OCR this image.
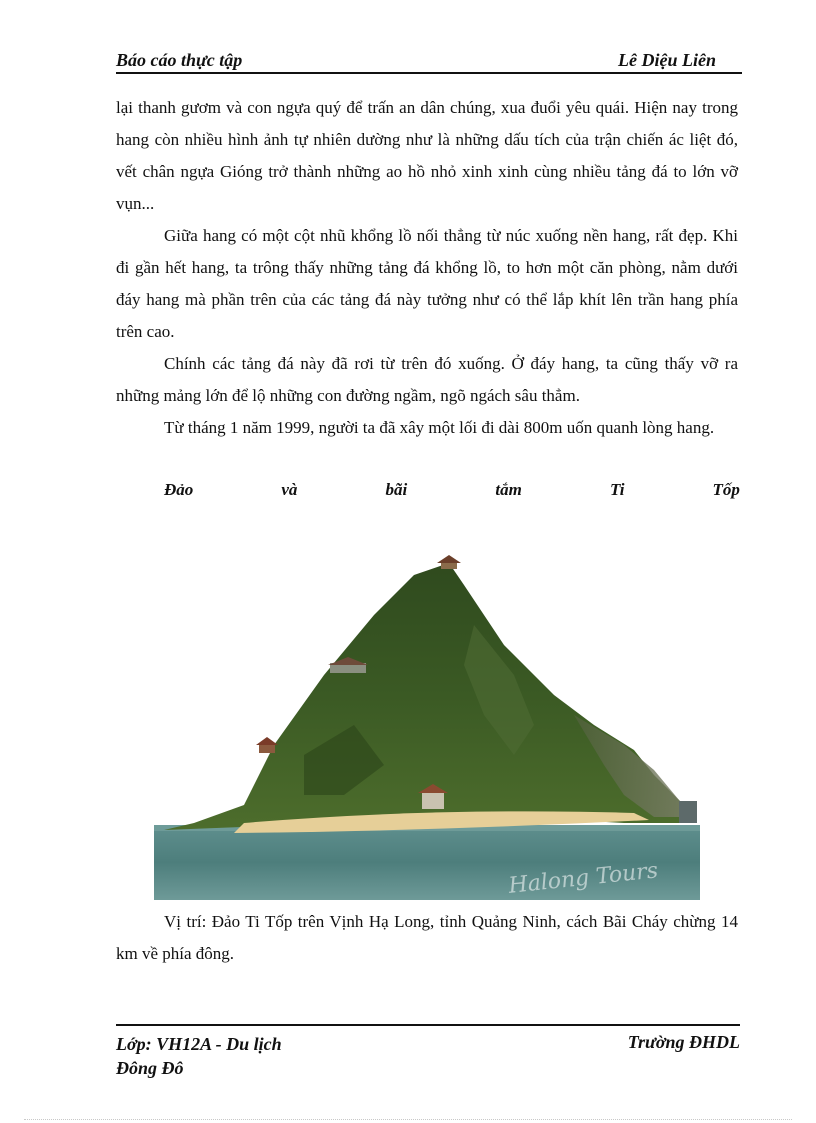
Báo cáo thực tập	Lê Diệu Liên

lại thanh gươm và con ngựa quý để trấn an dân chúng, xua đuổi yêu quái. Hiện nay trong hang còn nhiều hình ảnh tự nhiên dường như là những dấu tích của trận chiến ác liệt đó, vết chân ngựa Gióng trở thành những ao hồ nhỏ xinh xinh cùng nhiều tảng đá to lớn vỡ vụn...

Giữa hang có một cột nhũ khổng lồ nối thẳng từ núc xuống nền hang, rất đẹp. Khi đi gần hết hang, ta trông thấy những tảng đá khổng lồ, to hơn một căn phòng, nằm dưới đáy hang mà phần trên của các tảng đá này tưởng như có thể lắp khít lên trần hang phía trên cao.

Chính các tảng đá này đã rơi từ trên đó xuống. Ở đáy hang, ta cũng thấy vỡ ra những mảng lớn để lộ những con đường ngầm, ngõ ngách sâu thẳm.

Từ tháng 1 năm 1999, người ta đã xây một lối đi dài 800m uốn quanh lòng hang.

Đảo	và	bãi	tắm	Ti	Tốp
Halong Tours

Vị trí: Đảo Ti Tốp trên Vịnh Hạ Long, tỉnh Quảng Ninh, cách Bãi Cháy chừng 14 km về phía đông.

Lớp: VH12A - Du lịch
Đông Đô
Trường ĐHDL
